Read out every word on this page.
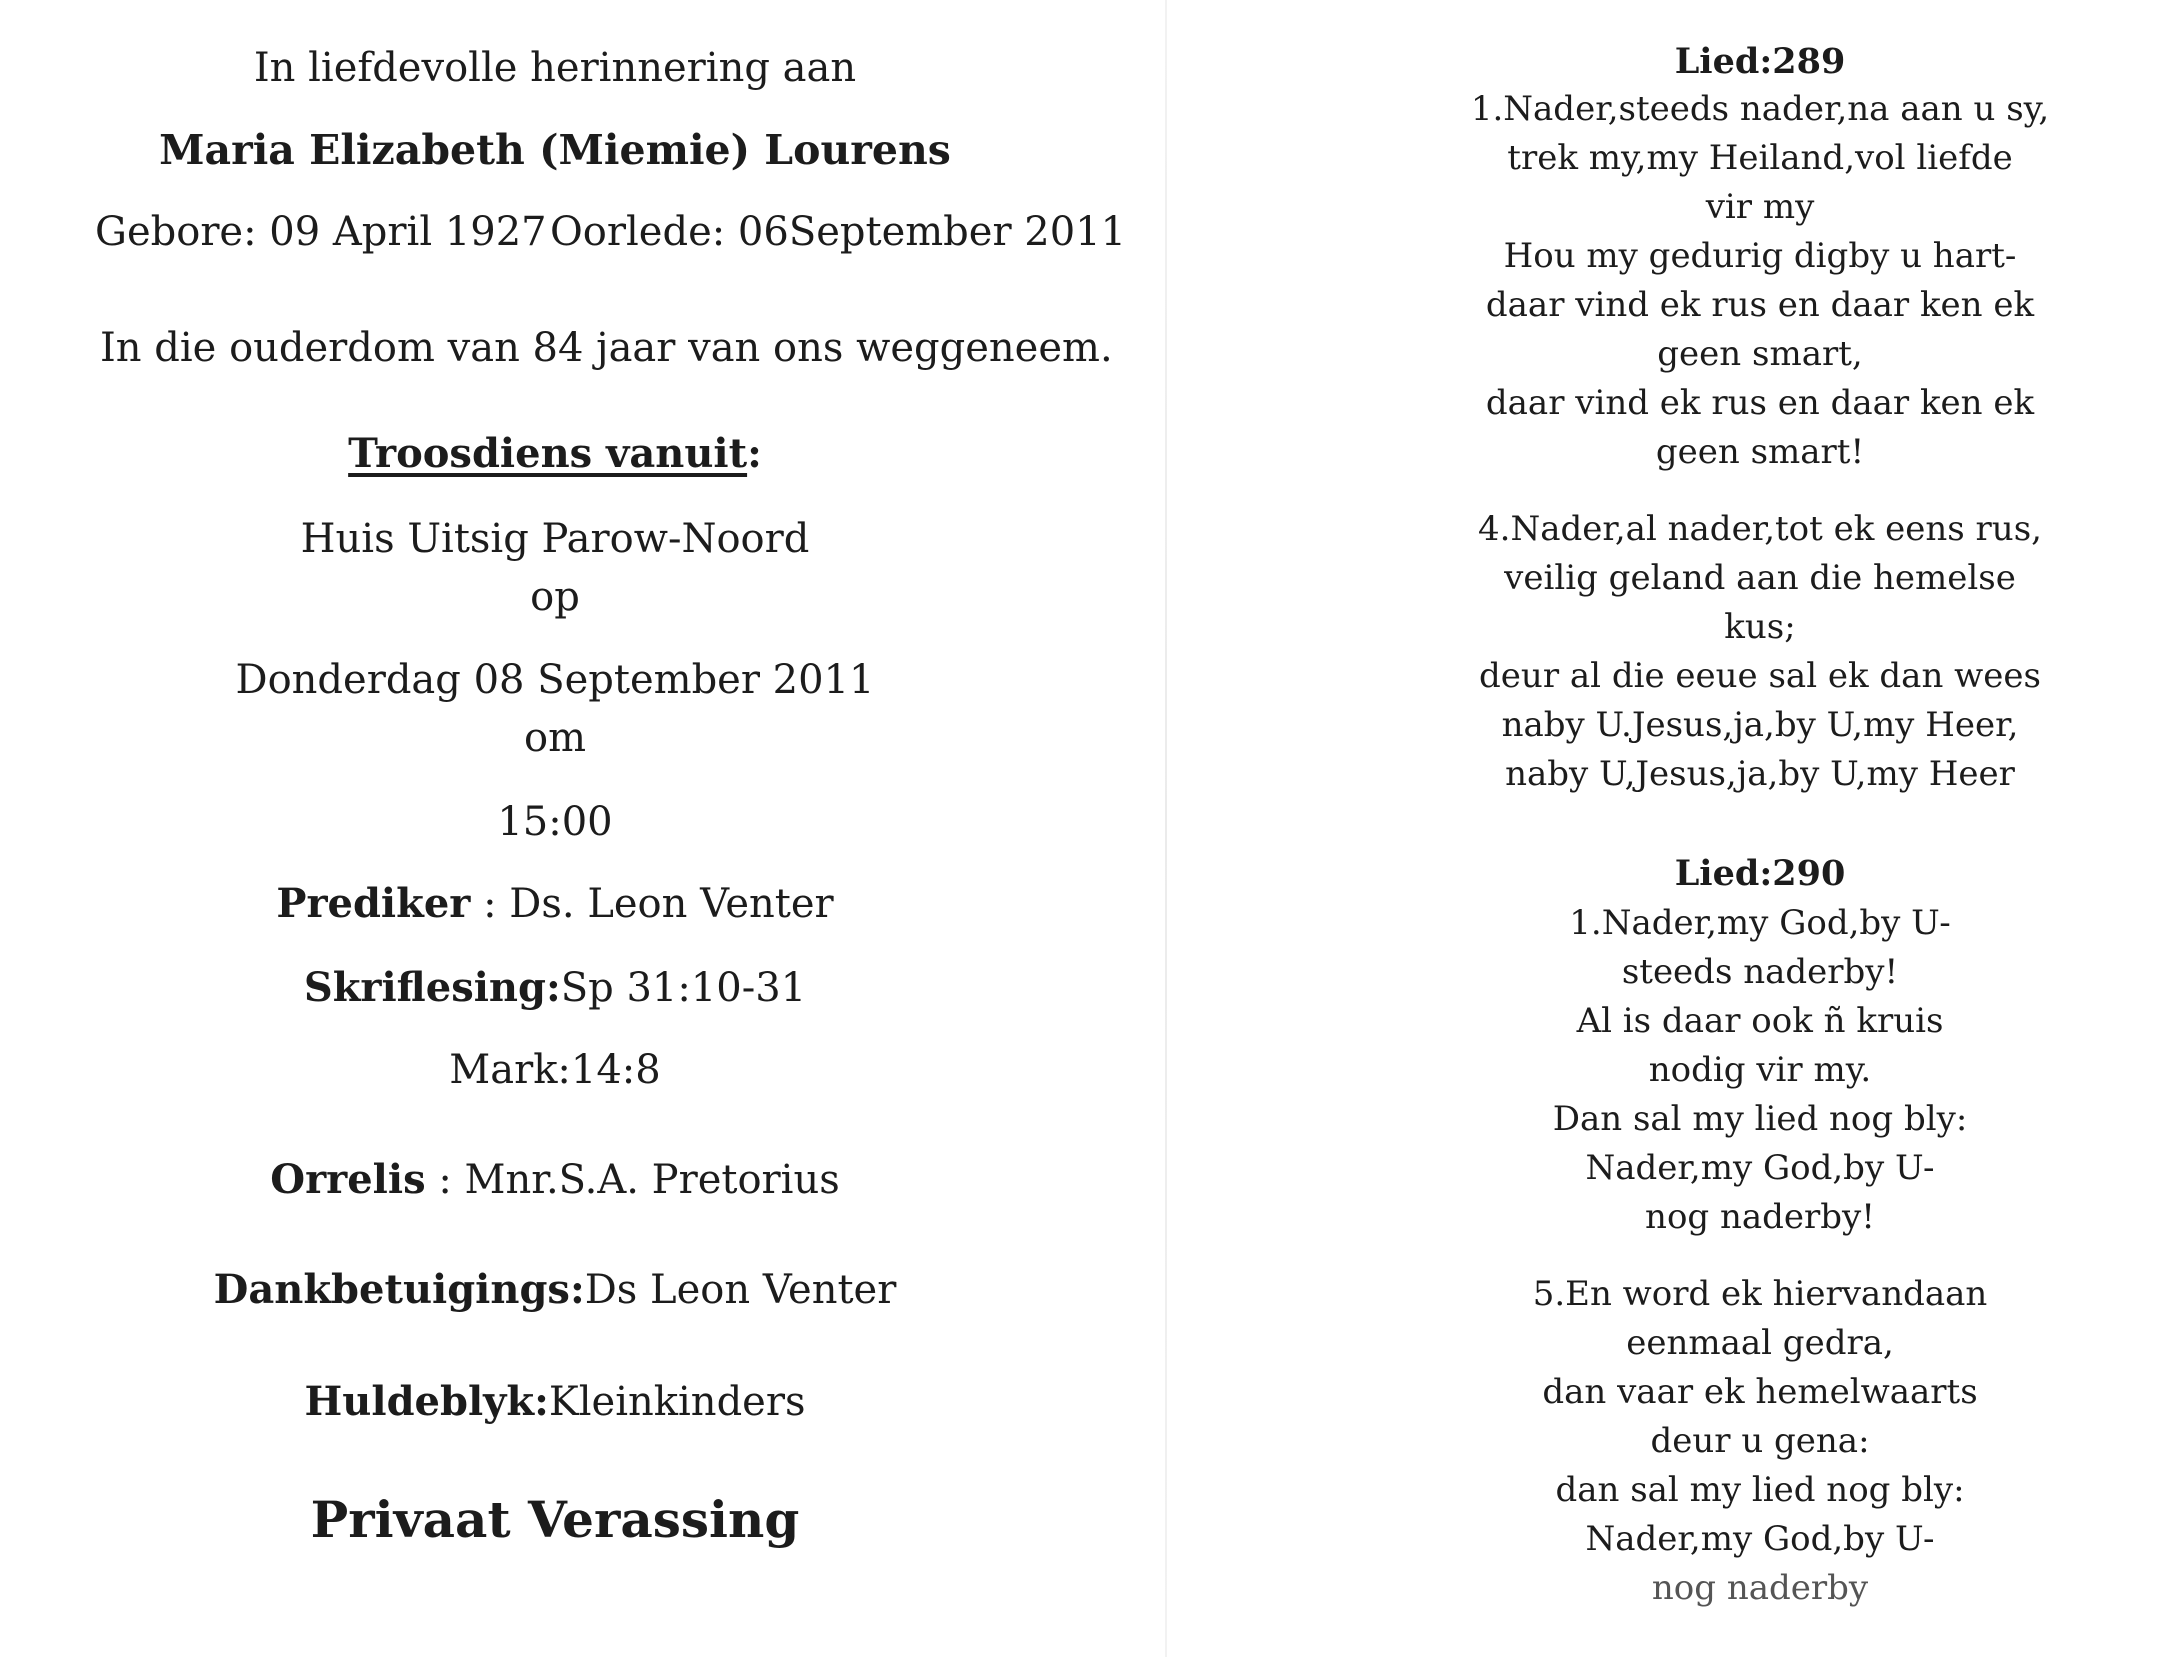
In liefdevolle herinnering aan
Maria Elizabeth (Miemie) Lourens
Gebore: 09 April 1927 Oorlede: 06September 2011
In die ouderdom van 84 jaar van ons weggeneem.
Troosdiens vanuit:
Huis Uitsig Parow-Noord
op
Donderdag 08 September 2011
om
15:00
Prediker : Ds. Leon Venter
Skriflesing:Sp 31:10-31
Mark:14:8
Orrelis : Mnr.S.A. Pretorius
Dankbetuigings:Ds Leon Venter
Huldeblyk:Kleinkinders
Privaat Verassing
Lied:289
1.Nader,steeds nader,na aan u sy,
trek my,my Heiland,vol liefde
vir my
Hou my gedurig digby u hart-
daar vind ek rus en daar ken ek
geen smart,
daar vind ek rus en daar ken ek
geen smart!
4.Nader,al nader,tot ek eens rus,
veilig geland aan die hemelse
kus;
deur al die eeue sal ek dan wees
naby U.Jesus,ja,by U,my Heer,
naby U,Jesus,ja,by U,my Heer
Lied:290
1.Nader,my God,by U-
steeds naderby!
Al is daar ook ñ kruis
nodig vir my.
Dan sal my lied nog bly:
Nader,my God,by U-
nog naderby!
5.En word ek hiervandaan
eenmaal gedra,
dan vaar ek hemelwaarts
deur u gena:
dan sal my lied nog bly:
Nader,my God,by U-
nog naderby
